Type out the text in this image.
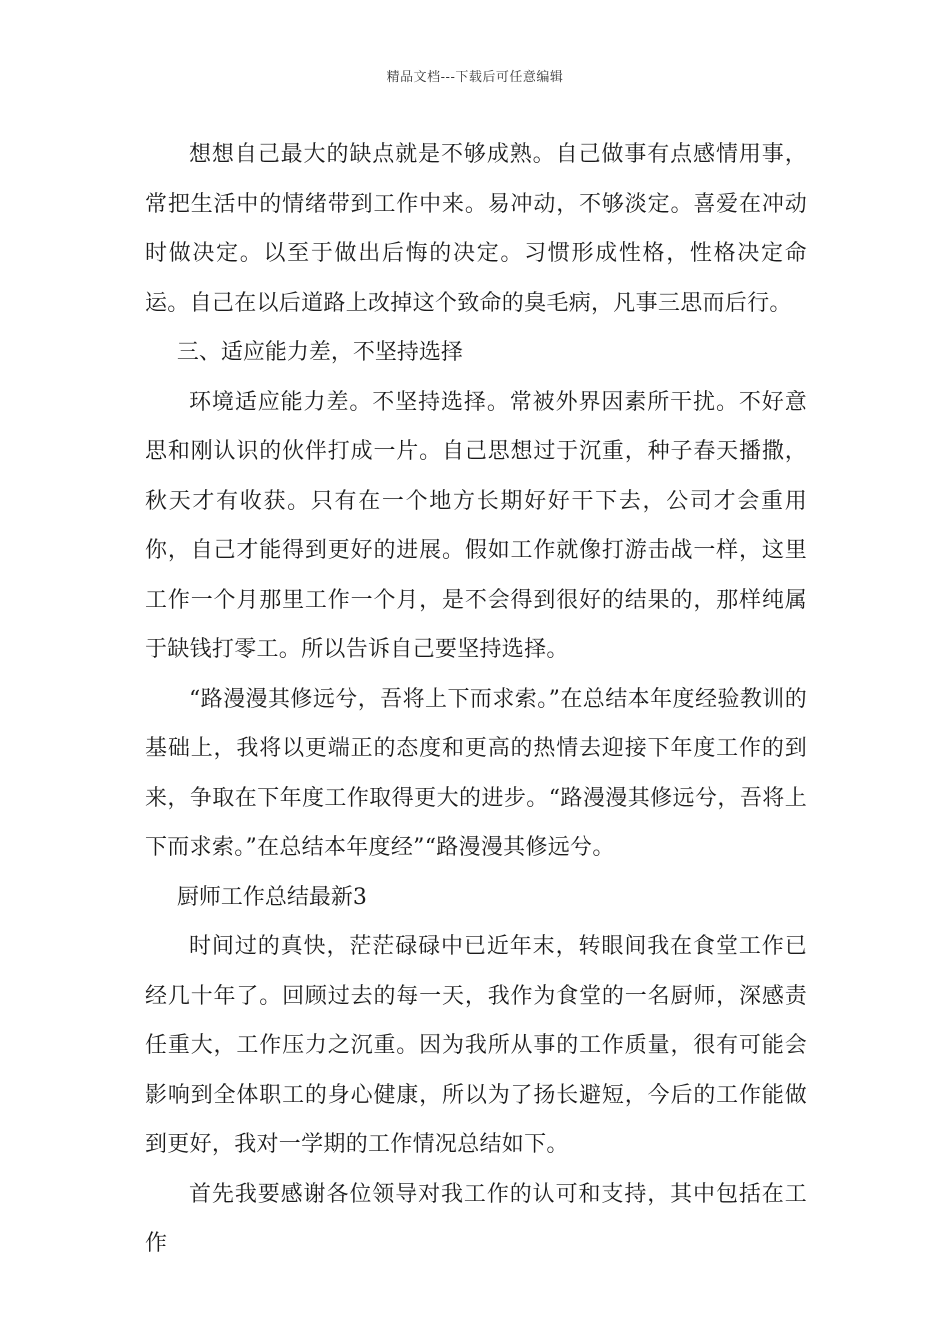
精品文档---下载后可任意编辑

想想自己最大的缺点就是不够成熟。自己做事有点感情用事，常把生活中的情绪带到工作中来。易冲动，不够淡定。喜爱在冲动时做决定。以至于做出后悔的决定。习惯形成性格，性格决定命运。自己在以后道路上改掉这个致命的臭毛病，凡事三思而后行。

三、适应能力差，不坚持选择

环境适应能力差。不坚持选择。常被外界因素所干扰。不好意思和刚认识的伙伴打成一片。自己思想过于沉重，种子春天播撒，秋天才有收获。只有在一个地方长期好好干下去，公司才会重用你，自己才能得到更好的进展。假如工作就像打游击战一样，这里工作一个月那里工作一个月，是不会得到很好的结果的，那样纯属于缺钱打零工。所以告诉自己要坚持选择。

“路漫漫其修远兮，吾将上下而求索。”在总结本年度经验教训的基础上，我将以更端正的态度和更高的热情去迎接下年度工作的到来，争取在下年度工作取得更大的进步。“路漫漫其修远兮，吾将上下而求索。”在总结本年度经”“路漫漫其修远兮。

厨师工作总结最新3

时间过的真快，茫茫碌碌中已近年末，转眼间我在食堂工作已经几十年了。回顾过去的每一天，我作为食堂的一名厨师，深感责任重大，工作压力之沉重。因为我所从事的工作质量，很有可能会影响到全体职工的身心健康，所以为了扬长避短，今后的工作能做到更好，我对一学期的工作情况总结如下。

首先我要感谢各位领导对我工作的认可和支持，其中包括在工作
